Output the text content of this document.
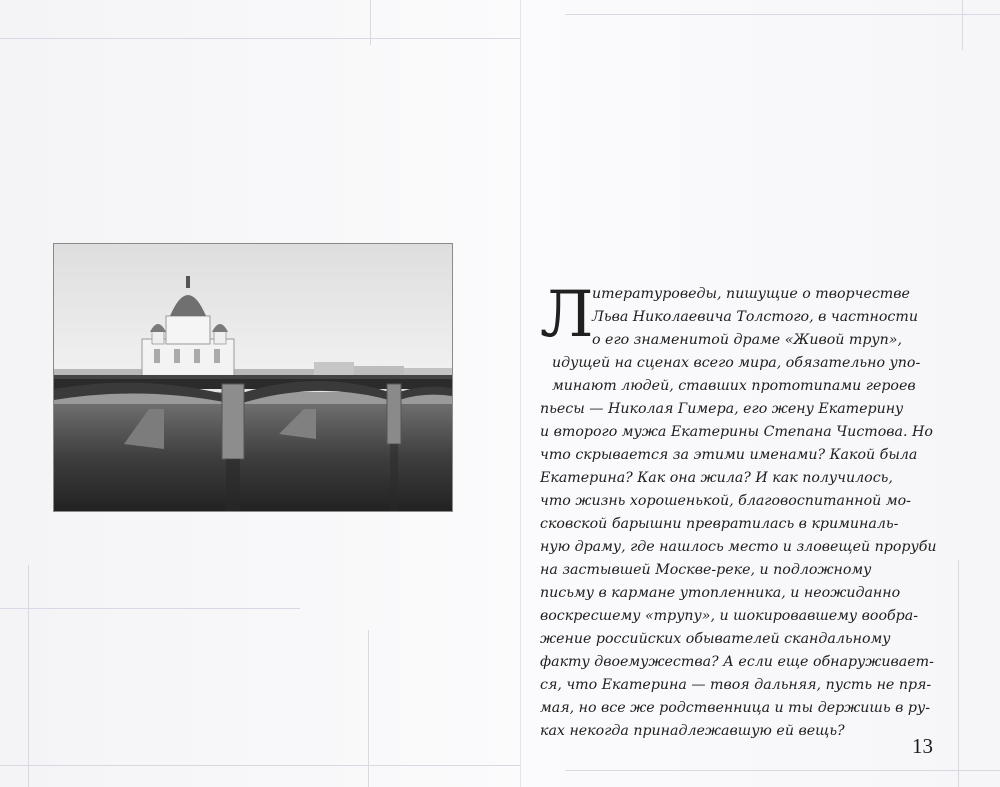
Л
итературоведы, пишущие о творчестве
Льва Николаевича Толстого, в частности
о его знаменитой драме «Живой труп»,
идущей на сценах всего мира, обязательно упо-
минают людей, ставших прототипами героев
пьесы — Николая Гимера, его жену Екатерину
и второго мужа Екатерины Степана Чистова. Но
что скрывается за этими именами? Какой была
Екатерина? Как она жила? И как получилось,
что жизнь хорошенькой, благовоспитанной мо-
сковской барышни превратилась в криминаль-
ную драму, где нашлось место и зловещей проруби
на застывшей Москве-реке, и подложному
письму в кармане утопленника, и неожиданно
воскресшему «трупу», и шокировавшему вообра-
жение российских обывателей скандальному
факту двоемужества? А если еще обнаруживает-
ся, что Екатерина — твоя дальняя, пусть не пря-
мая, но все же родственница и ты держишь в ру-
ках некогда принадлежавшую ей вещь?
13
